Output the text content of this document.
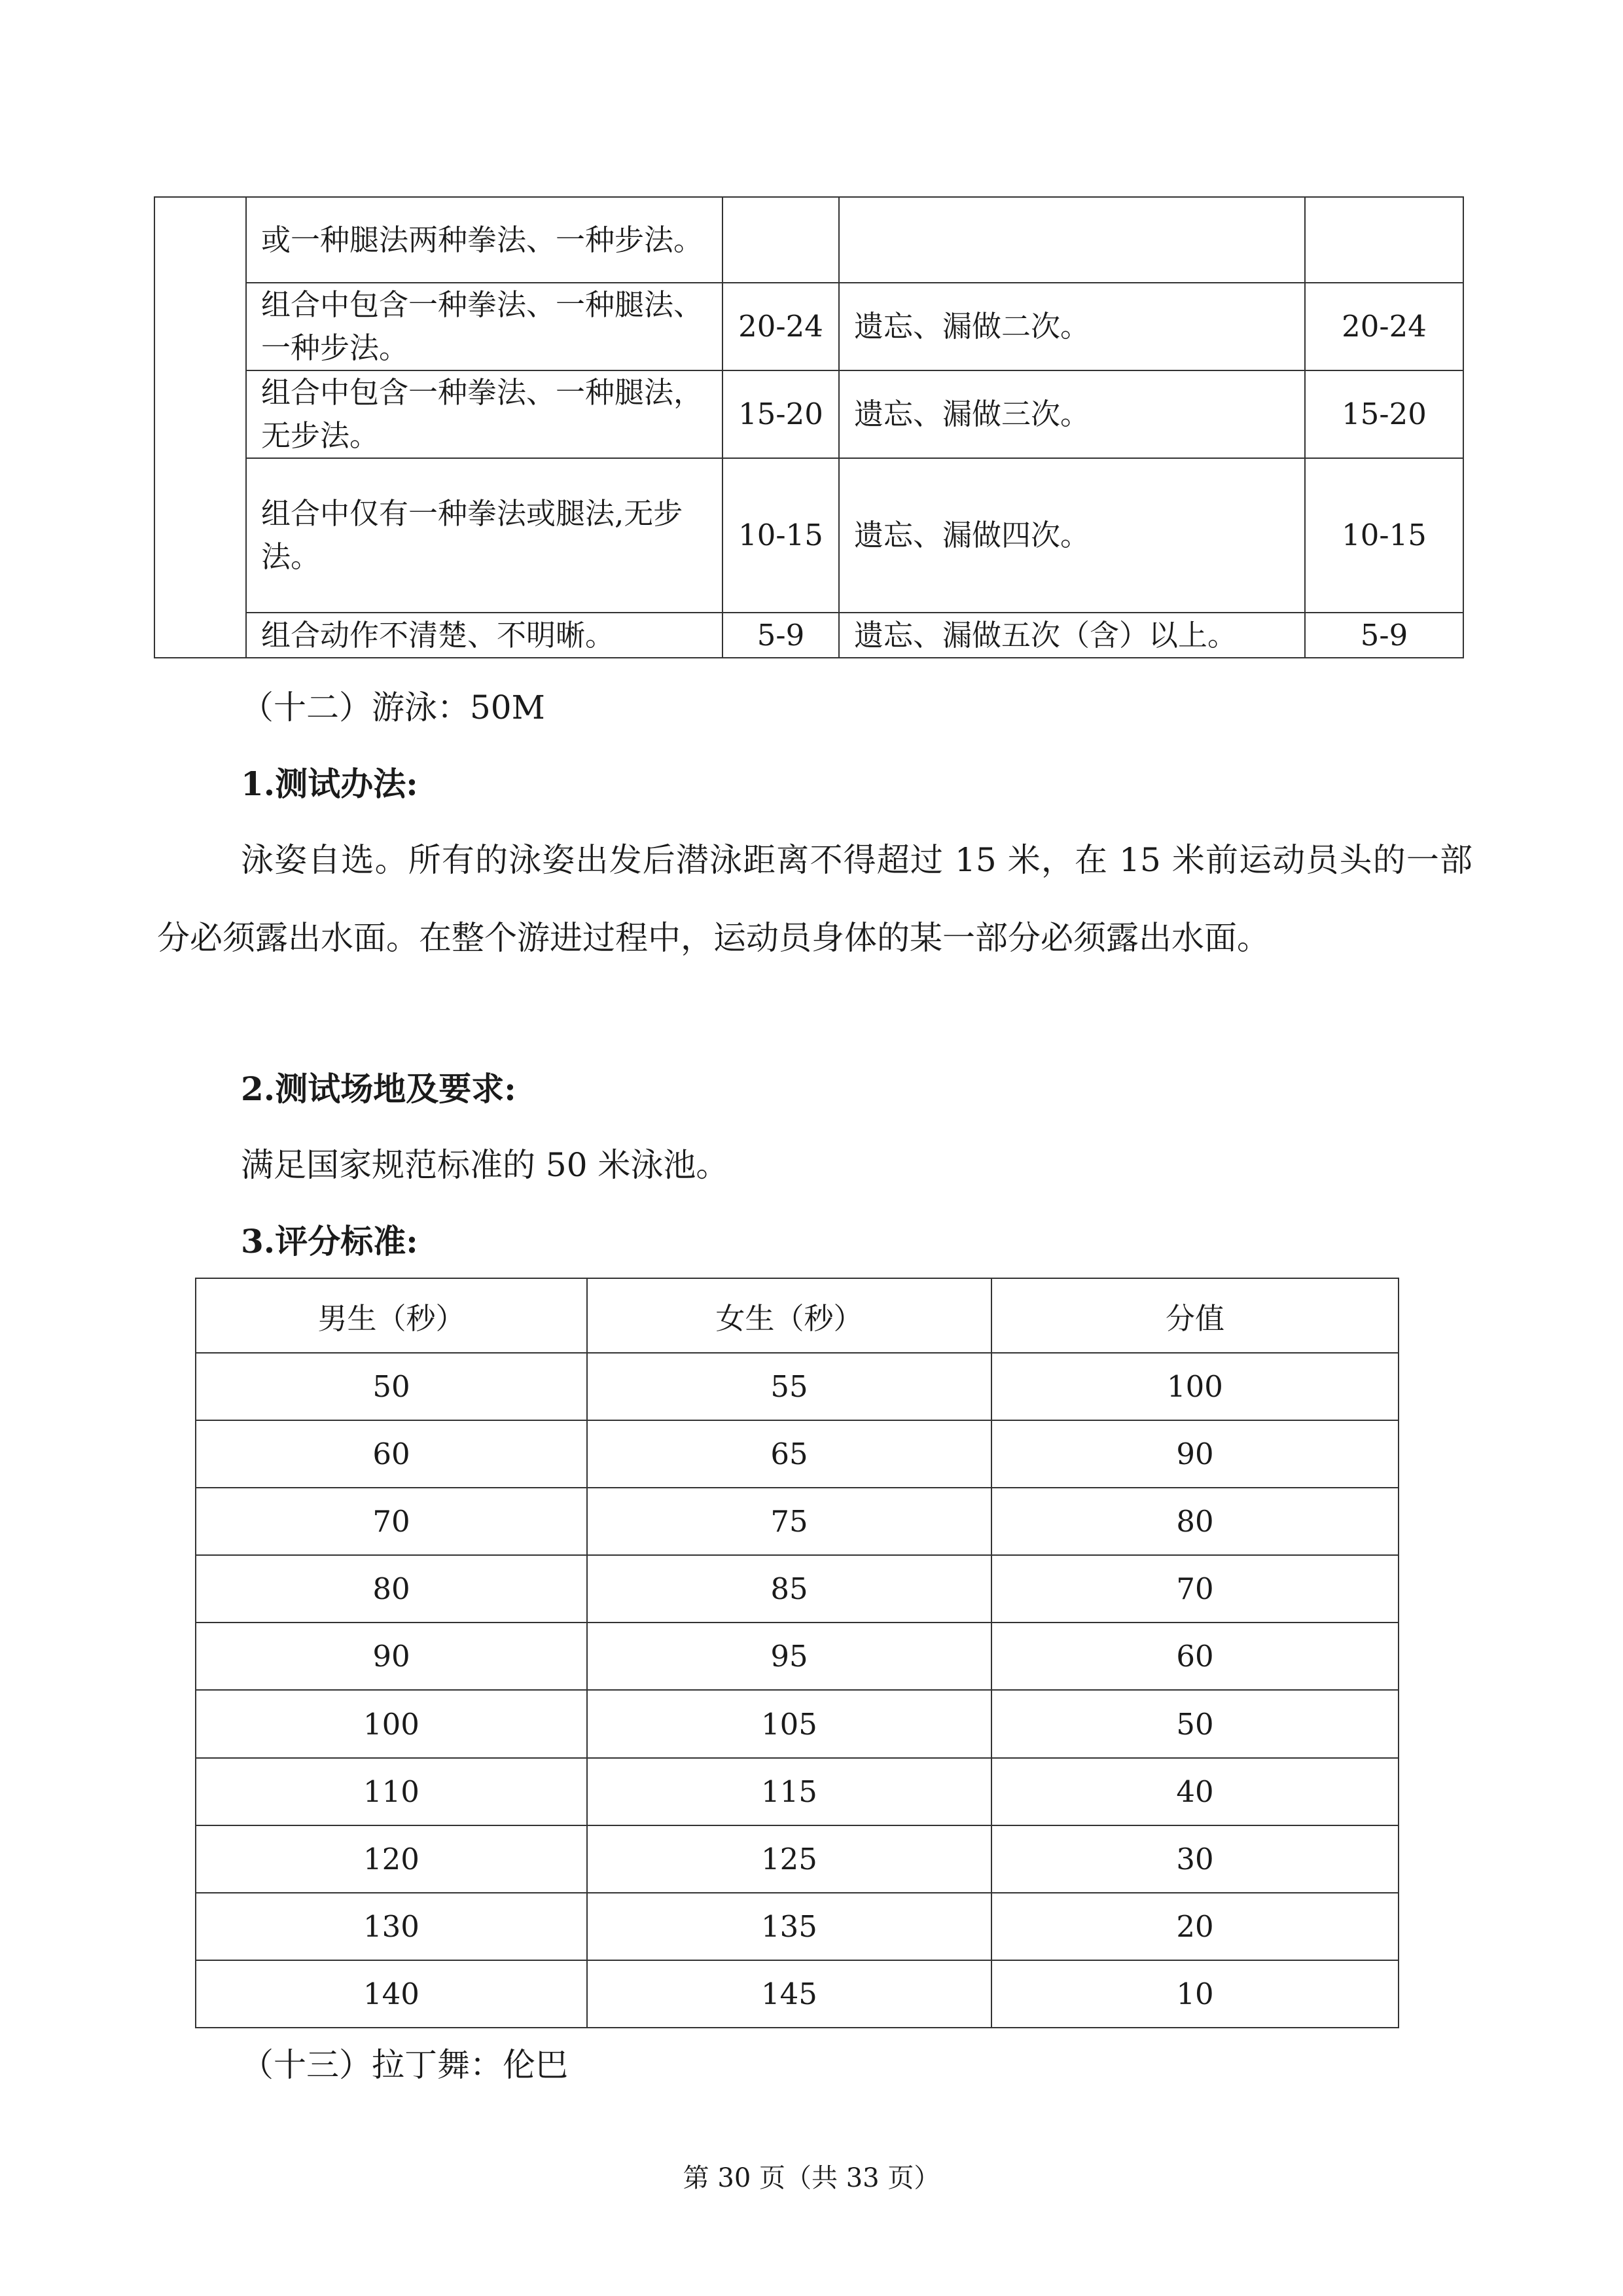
	或一种腿法两种拳法、一种步法。			
	组合中包含一种拳法、一种腿法、一种步法。	20-24	遗忘、漏做二次。	20-24
	组合中包含一种拳法、一种腿法，无步法。	15-20	遗忘、漏做三次。	15-20
	组合中仅有一种拳法或腿法,无步法。	10-15	遗忘、漏做四次。	10-15
	组合动作不清楚、不明晰。	5-9	遗忘、漏做五次（含）以上。	5-9
（十二）游泳：50M
1.测试办法:
泳姿自选。所有的泳姿出发后潜泳距离不得超过 15 米，在 15 米前运动员头的一部分必须露出水面。在整个游进过程中，运动员身体的某一部分必须露出水面。
2.测试场地及要求:
满足国家规范标准的 50 米泳池。
3.评分标准:
男生（秒）	女生（秒）	分值
50	55	100
60	65	90
70	75	80
80	85	70
90	95	60
100	105	50
110	115	40
120	125	30
130	135	20
140	145	10
（十三）拉丁舞：伦巴
第 30 页（共 33 页）
